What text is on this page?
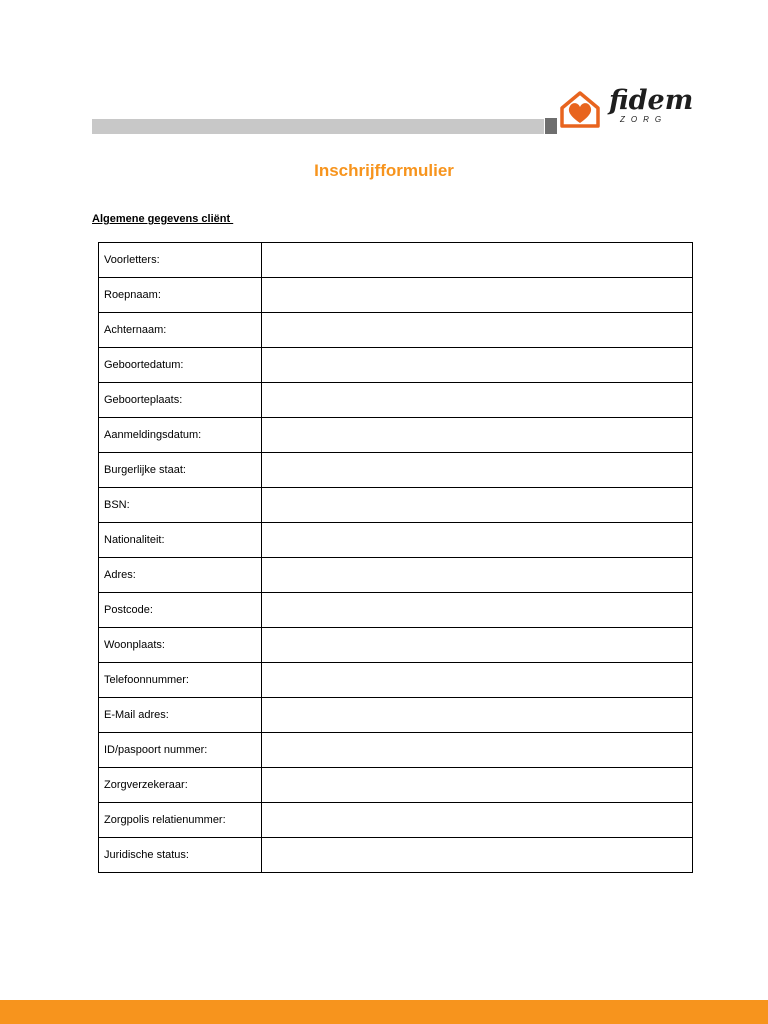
fidem
ZORG
Inschrijfformulier
Algemene gegevens cliënt
Voorletters:	
Roepnaam:	
Achternaam:	
Geboortedatum:	
Geboorteplaats:	
Aanmeldingsdatum:	
Burgerlijke staat:	
BSN:	
Nationaliteit:	
Adres:	
Postcode:	
Woonplaats:	
Telefoonnummer:	
E-Mail adres:	
ID/paspoort nummer:	
Zorgverzekeraar:	
Zorgpolis relatienummer:	
Juridische status:	
